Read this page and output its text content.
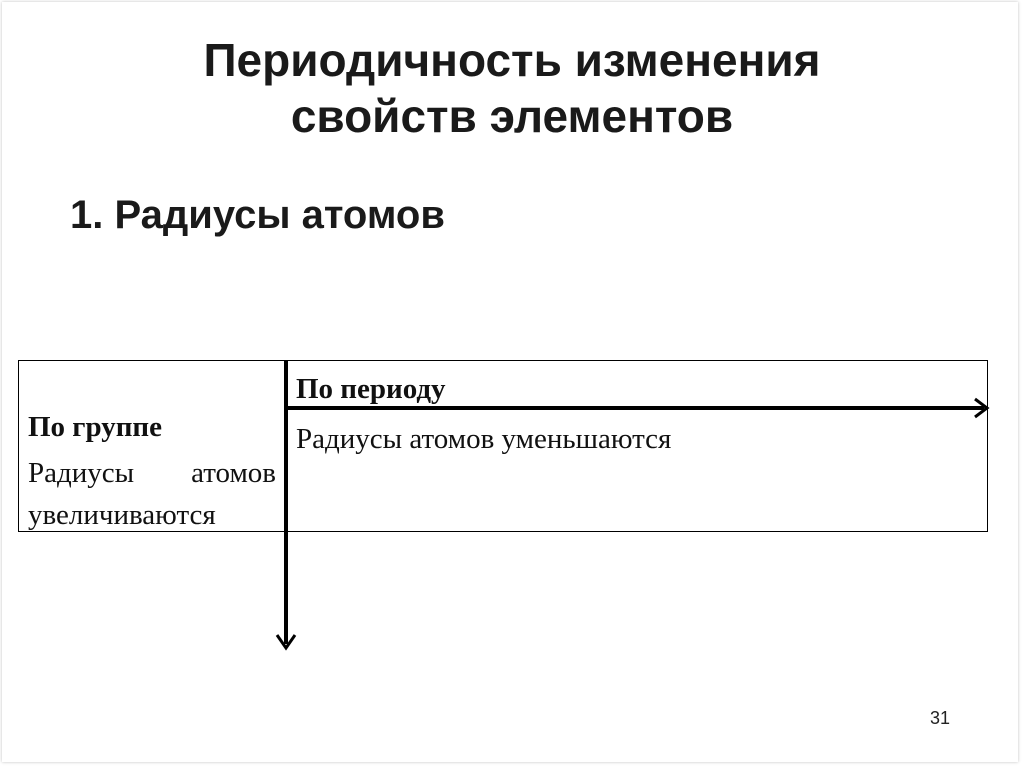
Периодичность изменения
свойств элементов
1. Радиусы атомов
По группе
Радиусы атомов
увеличиваются
По периоду
Радиусы атомов уменьшаются
31
